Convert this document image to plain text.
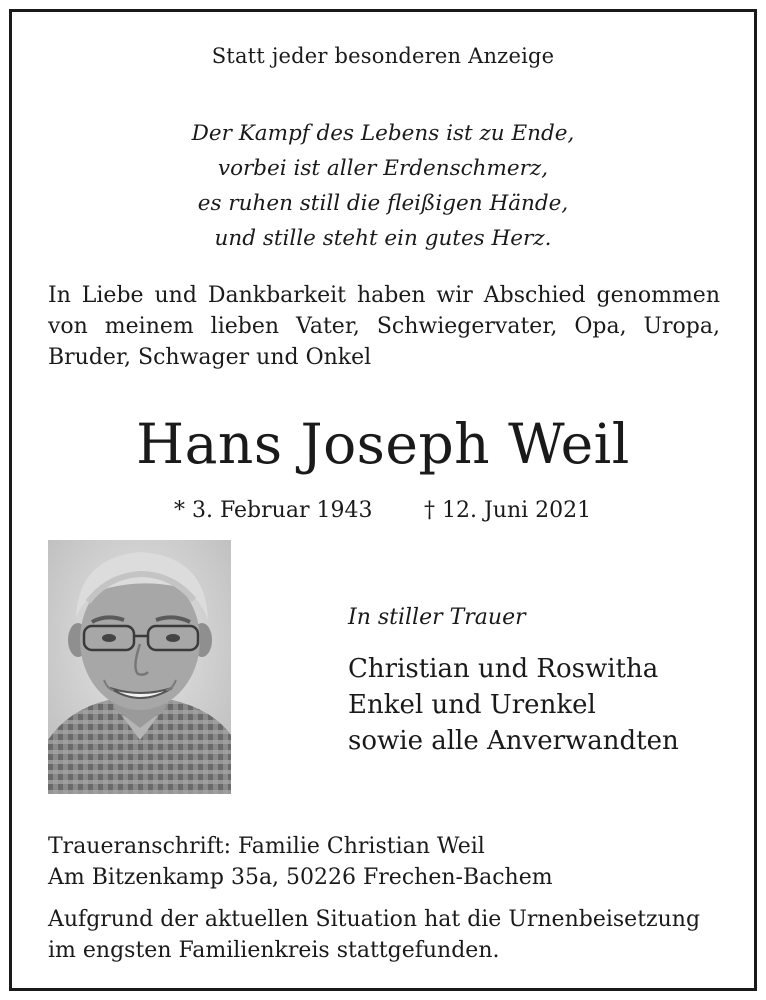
Statt jeder besonderen Anzeige
Der Kampf des Lebens ist zu Ende,
vorbei ist aller Erdenschmerz,
es ruhen still die fleißigen Hände,
und stille steht ein gutes Herz.
In Liebe und Dankbarkeit haben wir Abschied genommen
von meinem lieben Vater, Schwiegervater, Opa, Uropa,
Bruder, Schwager und Onkel
Hans Joseph Weil
* 3. Februar 1943 † 12. Juni 2021
In stiller Trauer
Christian und Roswitha
Enkel und Urenkel
sowie alle Anverwandten
Traueranschrift: Familie Christian Weil
Am Bitzenkamp 35a, 50226 Frechen-Bachem
Aufgrund der aktuellen Situation hat die Urnenbeisetzung
im engsten Familienkreis stattgefunden.
